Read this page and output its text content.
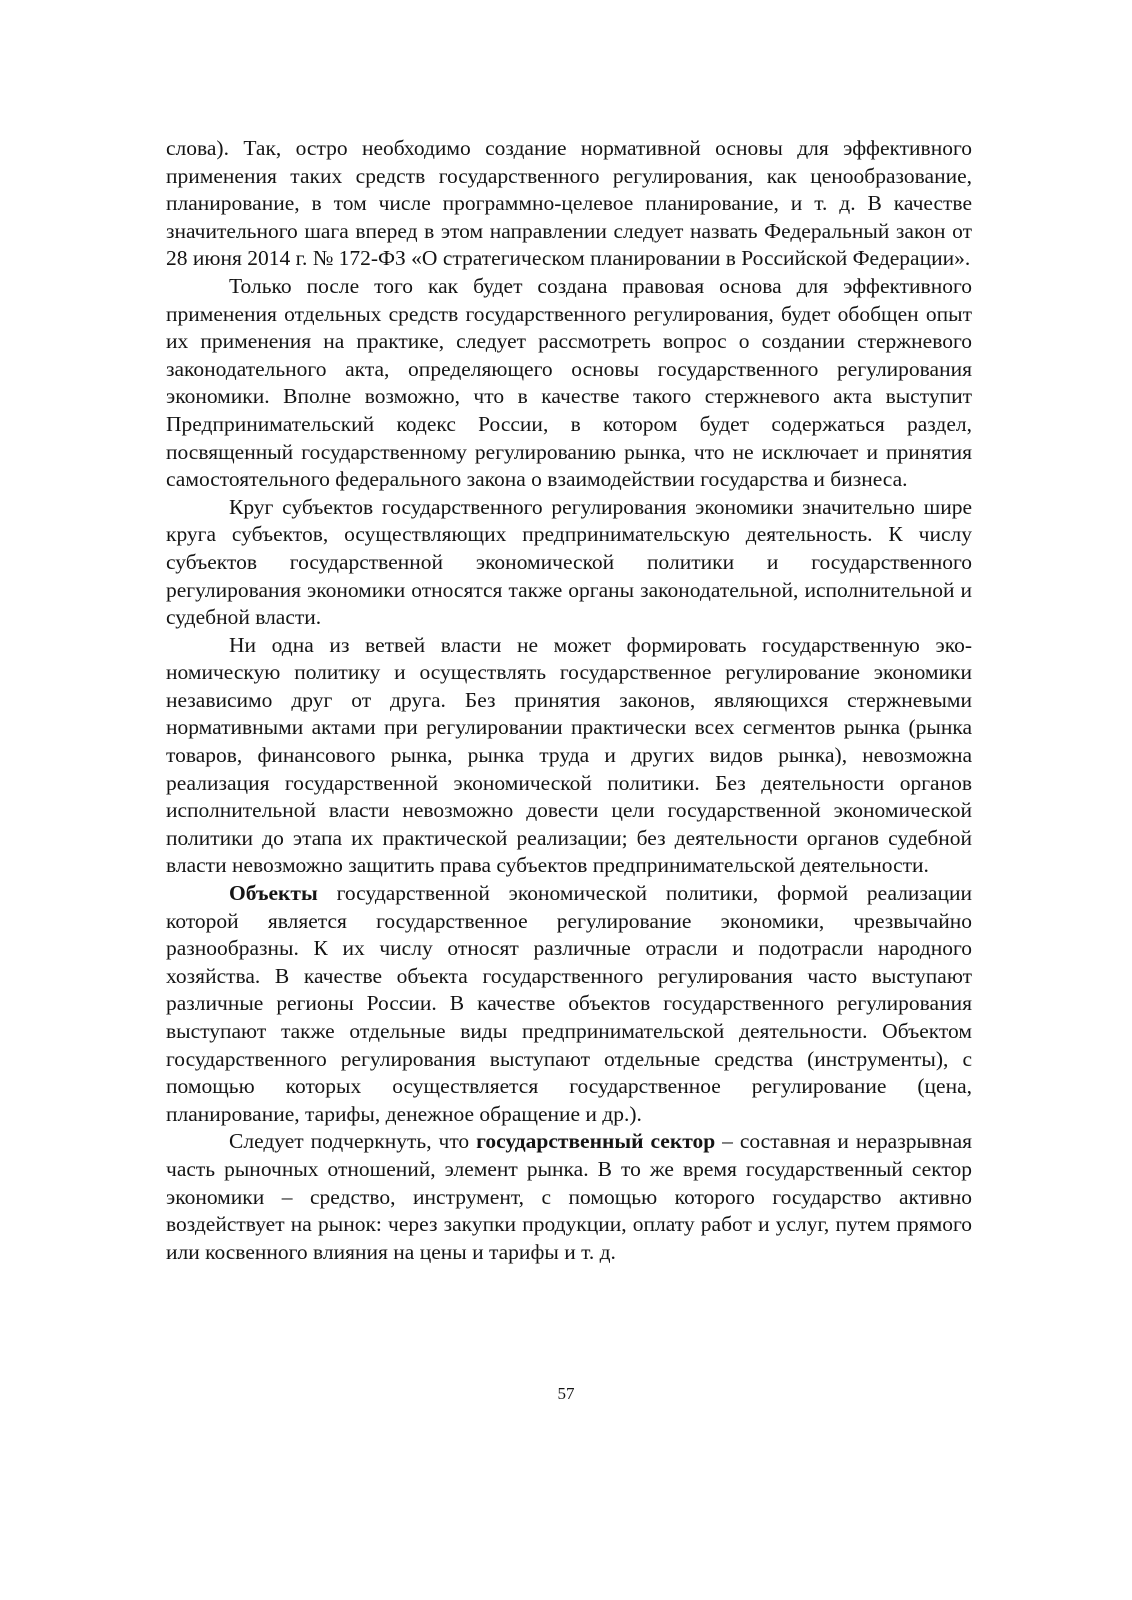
слова). Так, остро необходимо создание нормативной основы для эффективного применения таких средств государственного регулирования, как ценообразование, планирование, в том числе программно-целевое планирование, и т. д. В качестве значительного шага вперед в этом направлении следует назвать Федеральный закон от 28 июня 2014 г. № 172-ФЗ «О стратегическом планировании в Российской Федерации».

Только после того как будет создана правовая основа для эффективного применения отдельных средств государственного регулирования, будет обобщен опыт их применения на практике, следует рассмотреть вопрос о создании стержневого законодательного акта, определяющего основы государственного регулирования экономики. Вполне возможно, что в качестве такого стержневого акта выступит Предпринимательский кодекс России, в котором будет содержаться раздел, посвященный государственному регулированию рынка, что не исключает и принятия самостоятельного федерального закона о взаимодействии государства и бизнеса.

Круг субъектов государственного регулирования экономики значительно шире круга субъектов, осуществляющих предпринимательскую деятельность. К числу субъектов государственной экономической политики и государственного регулирования экономики относятся также органы законодательной, исполнительной и судебной власти.

Ни одна из ветвей власти не может формировать государственную экономическую политику и осуществлять государственное регулирование экономики независимо друг от друга. Без принятия законов, являющихся стержневыми нормативными актами при регулировании практически всех сегментов рынка (рынка товаров, финансового рынка, рынка труда и других видов рынка), невозможна реализация государственной экономической политики. Без деятельности органов исполнительной власти невозможно довести цели государственной экономической политики до этапа их практической реализации; без деятельности органов судебной власти невозможно защитить права субъектов предпринимательской деятельности.

Объекты государственной экономической политики, формой реализации которой является государственное регулирование экономики, чрезвычайно разнообразны. К их числу относят различные отрасли и подотрасли народного хозяйства. В качестве объекта государственного регулирования часто выступают различные регионы России. В качестве объектов государственного регулирования выступают также отдельные виды предпринимательской деятельности. Объектом государственного регулирования выступают отдельные средства (инструменты), с помощью которых осуществляется государственное регулирование (цена, планирование, тарифы, денежное обращение и др.).

Следует подчеркнуть, что государственный сектор – составная и неразрывная часть рыночных отношений, элемент рынка. В то же время государственный сектор экономики – средство, инструмент, с помощью которого государство активно воздействует на рынок: через закупки продукции, оплату работ и услуг, путем прямого или косвенного влияния на цены и тарифы и т. д.

57
